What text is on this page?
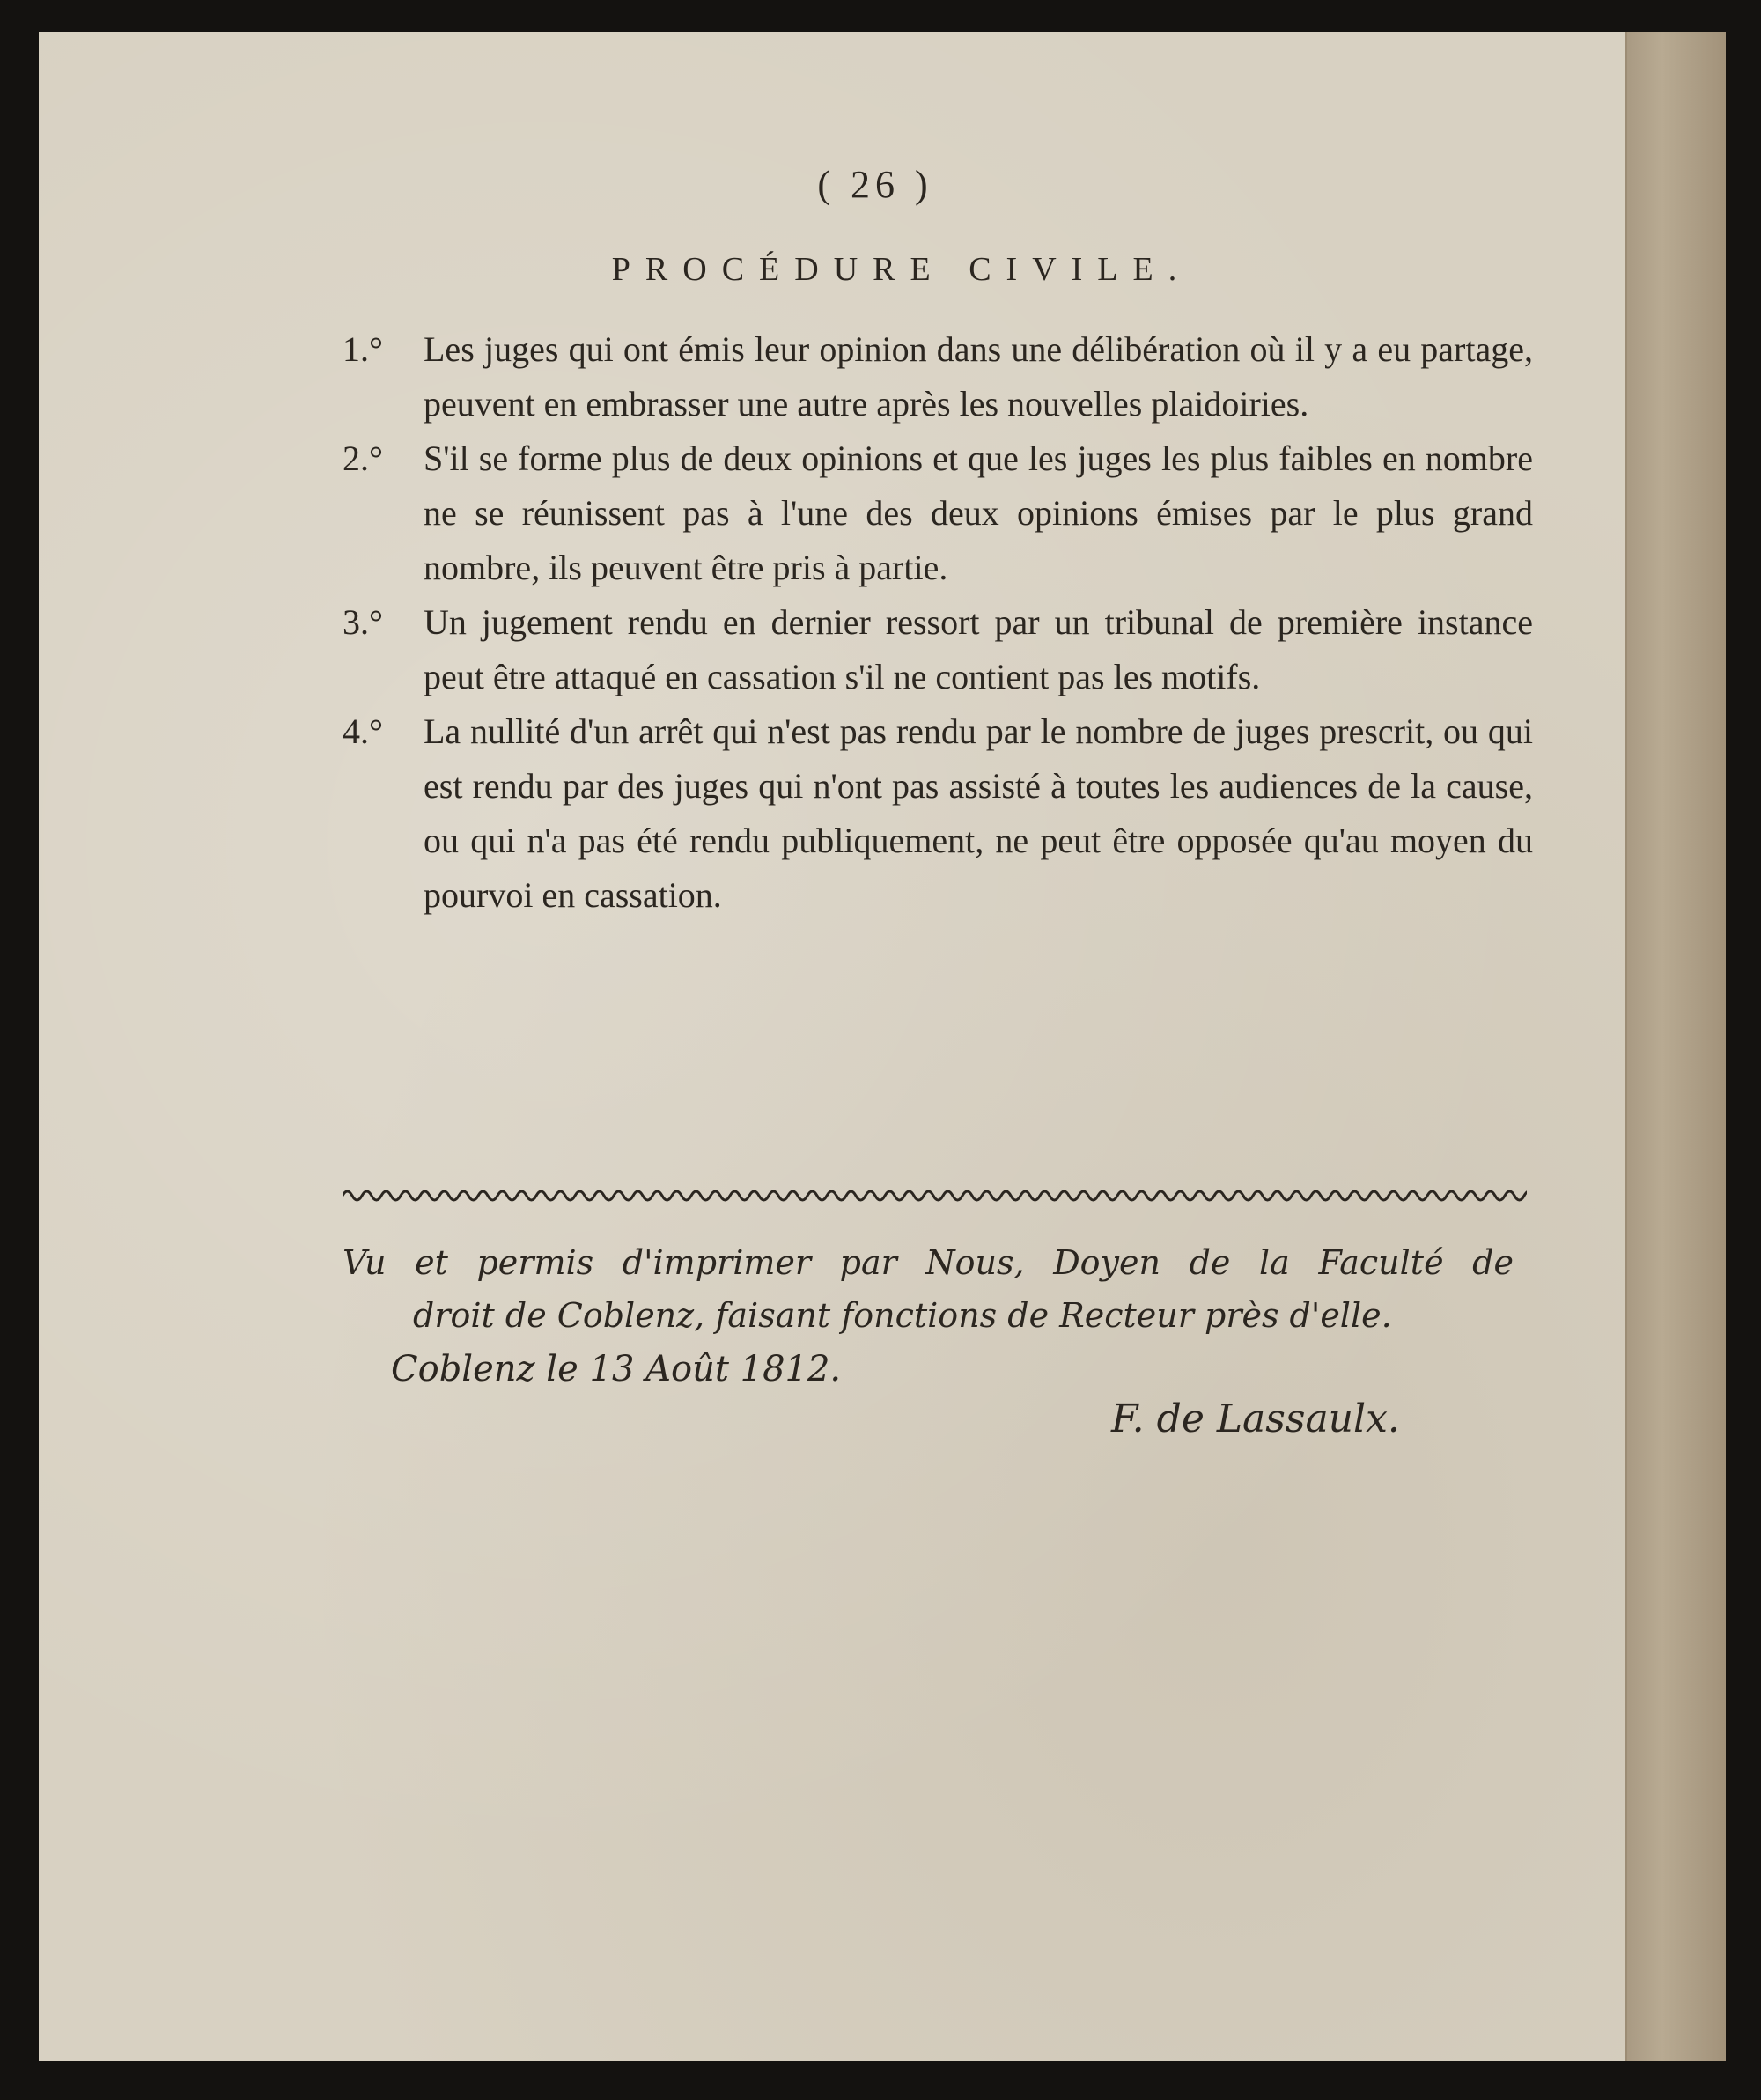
( 26 )
PROCÉDURE CIVILE.

1.° Les juges qui ont émis leur opinion dans une délibération où il y a eu partage, peuvent en embrasser une autre après les nouvelles plaidoiries.

2.° S'il se forme plus de deux opinions et que les juges les plus faibles en nombre ne se réunissent pas à l'une des deux opinions émises par le plus grand nombre, ils peuvent être pris à partie.

3.° Un jugement rendu en dernier ressort par un tribunal de première instance peut être attaqué en cassation s'il ne contient pas les motifs.

4.° La nullité d'un arrêt qui n'est pas rendu par le nombre de juges prescrit, ou qui est rendu par des juges qui n'ont pas assisté à toutes les audiences de la cause, ou qui n'a pas été rendu publiquement, ne peut être opposée qu'au moyen du pourvoi en cassation.

Vu et permis d'imprimer par Nous, Doyen de la Faculté de
droit de Coblenz, faisant fonctions de Recteur près d'elle.
Coblenz le 13 Août 1812.
F. de Lassaulx.
